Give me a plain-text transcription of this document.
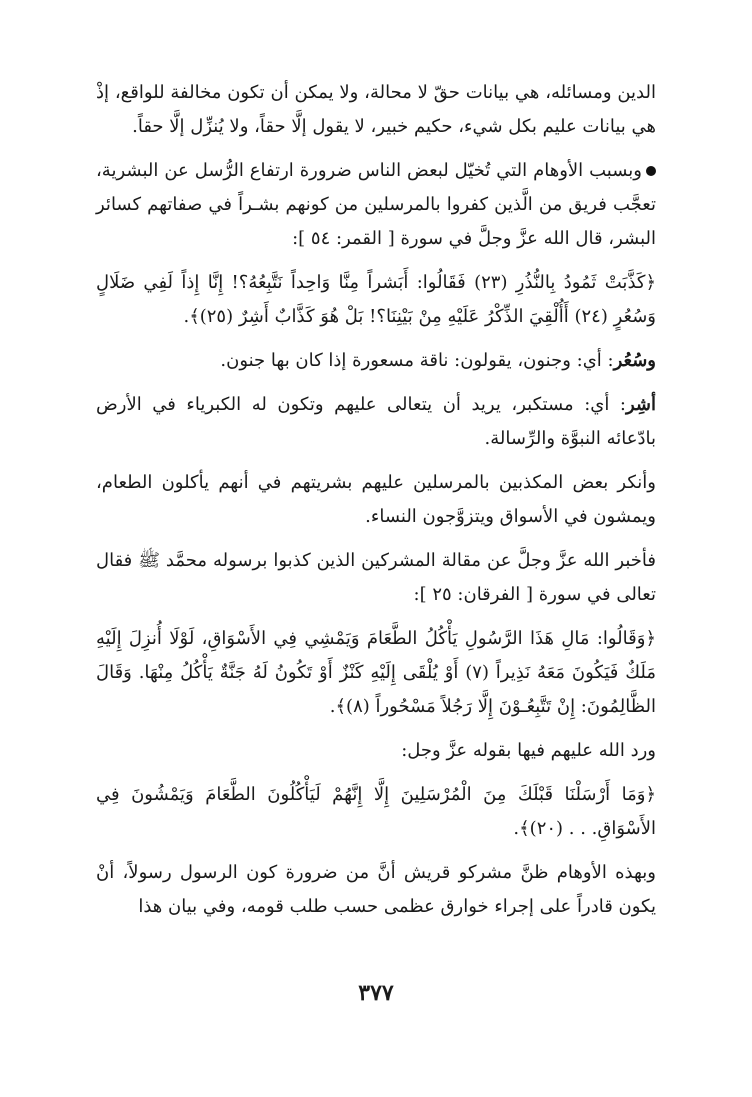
الدين ومسائله، هي بيانات حقّ لا محالة، ولا يمكن أن تكون مخالفة للواقع، إذْ هي بيانات عليم بكل شيء، حكيم خبير، لا يقول إلَّا حقاً، ولا يُنزِّل إلَّا حقاً.

وبسبب الأوهام التي تُخيّل لبعض الناس ضرورة ارتفاع الرُّسل عن البشرية، تعجَّب فريق من الَّذين كفروا بالمرسلين من كونهم بشـراً في صفاتهم كسائر البشر، قال الله عزَّ وجلَّ في سورة [ القمر: ٥٤ ]:

﴿كَذَّبَتْ ثَمُودُ بِالنُّذُرِ (٢٣) فَقَالُوا: أَبَشراً مِنَّا وَاحِداً نَتَّبِعُهُ؟! إِنَّا إِذاً لَفِي ضَلَالٍ وَسُعُرٍ (٢٤) أَأُلْقِيَ الذِّكْرُ عَلَيْهِ مِنْ بَيْنِنَا؟! بَلْ هُوَ كَذَّابٌ أَشِرٌ (٢٥)﴾.

وسُعُر: أي: وجنون، يقولون: ناقة مسعورة إذا كان بها جنون.

أشِر: أي: مستكبر، يريد أن يتعالى عليهم وتكون له الكبرياء في الأرض بادّعائه النبوَّة والرِّسالة.

وأنكر بعض المكذبين بالمرسلين عليهم بشريتهم في أنهم يأكلون الطعام، ويمشون في الأسواق ويتزوَّجون النساء.

فأخبر الله عزَّ وجلَّ عن مقالة المشركين الذين كذبوا برسوله محمَّد ﷺ فقال تعالى في سورة [ الفرقان: ٢٥ ]:

﴿وَقَالُوا: مَالِ هَذَا الرَّسُولِ يَأْكُلُ الطَّعَامَ وَيَمْشِي فِي الأَسْوَاقِ، لَوْلَا أُنزِلَ إِلَيْهِ مَلَكٌ فَيَكُونَ مَعَهُ نَذِيراً (٧) أَوْ يُلْقَى إِلَيْهِ كَنْزٌ أَوْ تَكُونُ لَهُ جَنَّةٌ يَأْكُلُ مِنْهَا. وَقَالَ الظَّالِمُونَ: إِنْ تَتَّبِعُـوْنَ إِلَّا رَجُلاً مَسْحُوراً (٨)﴾.

ورد الله عليهم فيها بقوله عزَّ وجل:

﴿وَمَا أَرْسَلْنَا قَبْلَكَ مِنَ الْمُرْسَلِينَ إِلَّا إِنَّهُمْ لَيَأْكُلُونَ الطَّعَامَ وَيَمْشُونَ فِي الأَسْوَاقِ. . . (٢٠)﴾.

وبهذه الأوهام ظنَّ مشركو قريش أنَّ من ضرورة كون الرسول رسولاً، أنْ يكون قادراً على إجراء خوارق عظمى حسب طلب قومه، وفي بيان هذا

٣٧٧
